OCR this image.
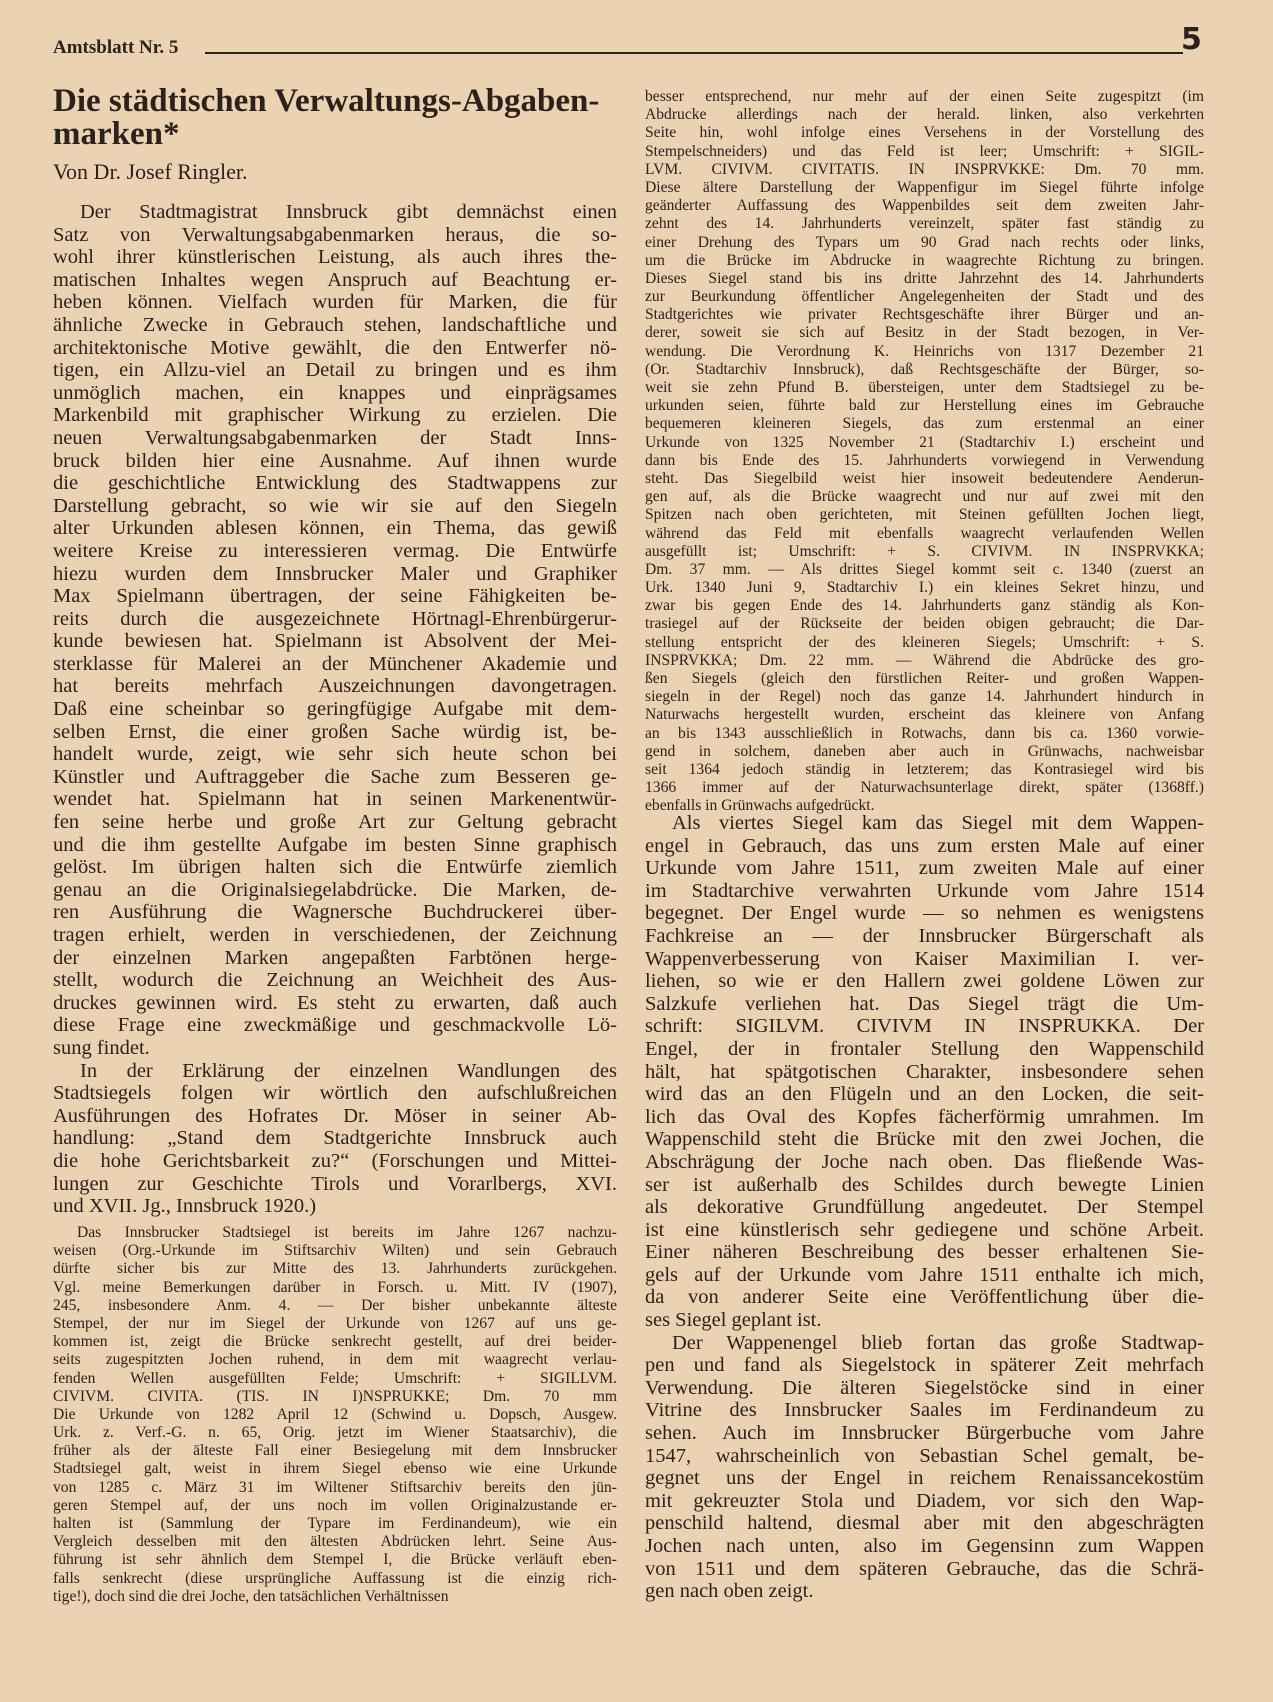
Amtsblatt Nr. 5	5
Die städtischen Verwaltungs-Abgaben-
marken*
Von Dr. Josef Ringler.
Der Stadtmagistrat Innsbruck gibt demnächst einen
Satz von Verwaltungsabgabenmarken heraus, die so-
wohl ihrer künstlerischen Leistung, als auch ihres the-
matischen Inhaltes wegen Anspruch auf Beachtung er-
heben können. Vielfach wurden für Marken, die für
ähnliche Zwecke in Gebrauch stehen, landschaftliche und
architektonische Motive gewählt, die den Entwerfer nö-
tigen, ein Allzu-viel an Detail zu bringen und es ihm
unmöglich machen, ein knappes und einprägsames
Markenbild mit graphischer Wirkung zu erzielen. Die
neuen Verwaltungsabgabenmarken der Stadt Inns-
bruck bilden hier eine Ausnahme. Auf ihnen wurde
die geschichtliche Entwicklung des Stadtwappens zur
Darstellung gebracht, so wie wir sie auf den Siegeln
alter Urkunden ablesen können, ein Thema, das gewiß
weitere Kreise zu interessieren vermag. Die Entwürfe
hiezu wurden dem Innsbrucker Maler und Graphiker
Max Spielmann übertragen, der seine Fähigkeiten be-
reits durch die ausgezeichnete Hörtnagl-Ehrenbürgerur-
kunde bewiesen hat. Spielmann ist Absolvent der Mei-
sterklasse für Malerei an der Münchener Akademie und
hat bereits mehrfach Auszeichnungen davongetragen.
Daß eine scheinbar so geringfügige Aufgabe mit dem-
selben Ernst, die einer großen Sache würdig ist, be-
handelt wurde, zeigt, wie sehr sich heute schon bei
Künstler und Auftraggeber die Sache zum Besseren ge-
wendet hat. Spielmann hat in seinen Markenentwür-
fen seine herbe und große Art zur Geltung gebracht
und die ihm gestellte Aufgabe im besten Sinne graphisch
gelöst. Im übrigen halten sich die Entwürfe ziemlich
genau an die Originalsiegelabdrücke. Die Marken, de-
ren Ausführung die Wagnersche Buchdruckerei über-
tragen erhielt, werden in verschiedenen, der Zeichnung
der einzelnen Marken angepaßten Farbtönen herge-
stellt, wodurch die Zeichnung an Weichheit des Aus-
druckes gewinnen wird. Es steht zu erwarten, daß auch
diese Frage eine zweckmäßige und geschmackvolle Lö-
sung findet.
In der Erklärung der einzelnen Wandlungen des
Stadtsiegels folgen wir wörtlich den aufschlußreichen
Ausführungen des Hofrates Dr. Möser in seiner Ab-
handlung: „Stand dem Stadtgerichte Innsbruck auch
die hohe Gerichtsbarkeit zu?“ (Forschungen und Mittei-
lungen zur Geschichte Tirols und Vorarlbergs, XVI.
und XVII. Jg., Innsbruck 1920.)
Das Innsbrucker Stadtsiegel ist bereits im Jahre 1267 nachzu-
weisen (Org.-Urkunde im Stiftsarchiv Wilten) und sein Gebrauch
dürfte sicher bis zur Mitte des 13. Jahrhunderts zurückgehen.
Vgl. meine Bemerkungen darüber in Forsch. u. Mitt. IV (1907),
245, insbesondere Anm. 4. — Der bisher unbekannte älteste
Stempel, der nur im Siegel der Urkunde von 1267 auf uns ge-
kommen ist, zeigt die Brücke senkrecht gestellt, auf drei beider-
seits zugespitzten Jochen ruhend, in dem mit waagrecht verlau-
fenden Wellen ausgefüllten Felde; Umschrift: + SIGILLVM.
CIVIVM. CIVITA. (TIS. IN I)NSPRUKKE; Dm. 70 mm
Die Urkunde von 1282 April 12 (Schwind u. Dopsch, Ausgew.
Urk. z. Verf.-G. n. 65, Orig. jetzt im Wiener Staatsarchiv), die
früher als der älteste Fall einer Besiegelung mit dem Innsbrucker
Stadtsiegel galt, weist in ihrem Siegel ebenso wie eine Urkunde
von 1285 c. März 31 im Wiltener Stiftsarchiv bereits den jün-
geren Stempel auf, der uns noch im vollen Originalzustande er-
halten ist (Sammlung der Typare im Ferdinandeum), wie ein
Vergleich desselben mit den ältesten Abdrücken lehrt. Seine Aus-
führung ist sehr ähnlich dem Stempel I, die Brücke verläuft eben-
falls senkrecht (diese ursprüngliche Auffassung ist die einzig rich-
tige!), doch sind die drei Joche, den tatsächlichen Verhältnissen
besser entsprechend, nur mehr auf der einen Seite zugespitzt (im
Abdrucke allerdings nach der herald. linken, also verkehrten
Seite hin, wohl infolge eines Versehens in der Vorstellung des
Stempelschneiders) und das Feld ist leer; Umschrift: + SIGIL-
LVM. CIVIVM. CIVITATIS. IN INSPRVKKE: Dm. 70 mm.
Diese ältere Darstellung der Wappenfigur im Siegel führte infolge
geänderter Auffassung des Wappenbildes seit dem zweiten Jahr-
zehnt des 14. Jahrhunderts vereinzelt, später fast ständig zu
einer Drehung des Typars um 90 Grad nach rechts oder links,
um die Brücke im Abdrucke in waagrechte Richtung zu bringen.
Dieses Siegel stand bis ins dritte Jahrzehnt des 14. Jahrhunderts
zur Beurkundung öffentlicher Angelegenheiten der Stadt und des
Stadtgerichtes wie privater Rechtsgeschäfte ihrer Bürger und an-
derer, soweit sie sich auf Besitz in der Stadt bezogen, in Ver-
wendung. Die Verordnung K. Heinrichs von 1317 Dezember 21
(Or. Stadtarchiv Innsbruck), daß Rechtsgeschäfte der Bürger, so-
weit sie zehn Pfund B. übersteigen, unter dem Stadtsiegel zu be-
urkunden seien, führte bald zur Herstellung eines im Gebrauche
bequemeren kleineren Siegels, das zum erstenmal an einer
Urkunde von 1325 November 21 (Stadtarchiv I.) erscheint und
dann bis Ende des 15. Jahrhunderts vorwiegend in Verwendung
steht. Das Siegelbild weist hier insoweit bedeutendere Aenderun-
gen auf, als die Brücke waagrecht und nur auf zwei mit den
Spitzen nach oben gerichteten, mit Steinen gefüllten Jochen liegt,
während das Feld mit ebenfalls waagrecht verlaufenden Wellen
ausgefüllt ist; Umschrift: + S. CIVIVM. IN INSPRVKKA;
Dm. 37 mm. — Als drittes Siegel kommt seit c. 1340 (zuerst an
Urk. 1340 Juni 9, Stadtarchiv I.) ein kleines Sekret hinzu, und
zwar bis gegen Ende des 14. Jahrhunderts ganz ständig als Kon-
trasiegel auf der Rückseite der beiden obigen gebraucht; die Dar-
stellung entspricht der des kleineren Siegels; Umschrift: + S.
INSPRVKKA; Dm. 22 mm. — Während die Abdrücke des gro-
ßen Siegels (gleich den fürstlichen Reiter- und großen Wappen-
siegeln in der Regel) noch das ganze 14. Jahrhundert hindurch in
Naturwachs hergestellt wurden, erscheint das kleinere von Anfang
an bis 1343 ausschließlich in Rotwachs, dann bis ca. 1360 vorwie-
gend in solchem, daneben aber auch in Grünwachs, nachweisbar
seit 1364 jedoch ständig in letzterem; das Kontrasiegel wird bis
1366 immer auf der Naturwachsunterlage direkt, später (1368ff.)
ebenfalls in Grünwachs aufgedrückt.
Als viertes Siegel kam das Siegel mit dem Wappen-
engel in Gebrauch, das uns zum ersten Male auf einer
Urkunde vom Jahre 1511, zum zweiten Male auf einer
im Stadtarchive verwahrten Urkunde vom Jahre 1514
begegnet. Der Engel wurde — so nehmen es wenigstens
Fachkreise an — der Innsbrucker Bürgerschaft als
Wappenverbesserung von Kaiser Maximilian I. ver-
liehen, so wie er den Hallern zwei goldene Löwen zur
Salzkufe verliehen hat. Das Siegel trägt die Um-
schrift: SIGILVM. CIVIVM IN INSPRUKKA. Der
Engel, der in frontaler Stellung den Wappenschild
hält, hat spätgotischen Charakter, insbesondere sehen
wird das an den Flügeln und an den Locken, die seit-
lich das Oval des Kopfes fächerförmig umrahmen. Im
Wappenschild steht die Brücke mit den zwei Jochen, die
Abschrägung der Joche nach oben. Das fließende Was-
ser ist außerhalb des Schildes durch bewegte Linien
als dekorative Grundfüllung angedeutet. Der Stempel
ist eine künstlerisch sehr gediegene und schöne Arbeit.
Einer näheren Beschreibung des besser erhaltenen Sie-
gels auf der Urkunde vom Jahre 1511 enthalte ich mich,
da von anderer Seite eine Veröffentlichung über die-
ses Siegel geplant ist.
Der Wappenengel blieb fortan das große Stadtwap-
pen und fand als Siegelstock in späterer Zeit mehrfach
Verwendung. Die älteren Siegelstöcke sind in einer
Vitrine des Innsbrucker Saales im Ferdinandeum zu
sehen. Auch im Innsbrucker Bürgerbuche vom Jahre
1547, wahrscheinlich von Sebastian Schel gemalt, be-
gegnet uns der Engel in reichem Renaissancekostüm
mit gekreuzter Stola und Diadem, vor sich den Wap-
penschild haltend, diesmal aber mit den abgeschrägten
Jochen nach unten, also im Gegensinn zum Wappen
von 1511 und dem späteren Gebrauche, das die Schrä-
gen nach oben zeigt.
